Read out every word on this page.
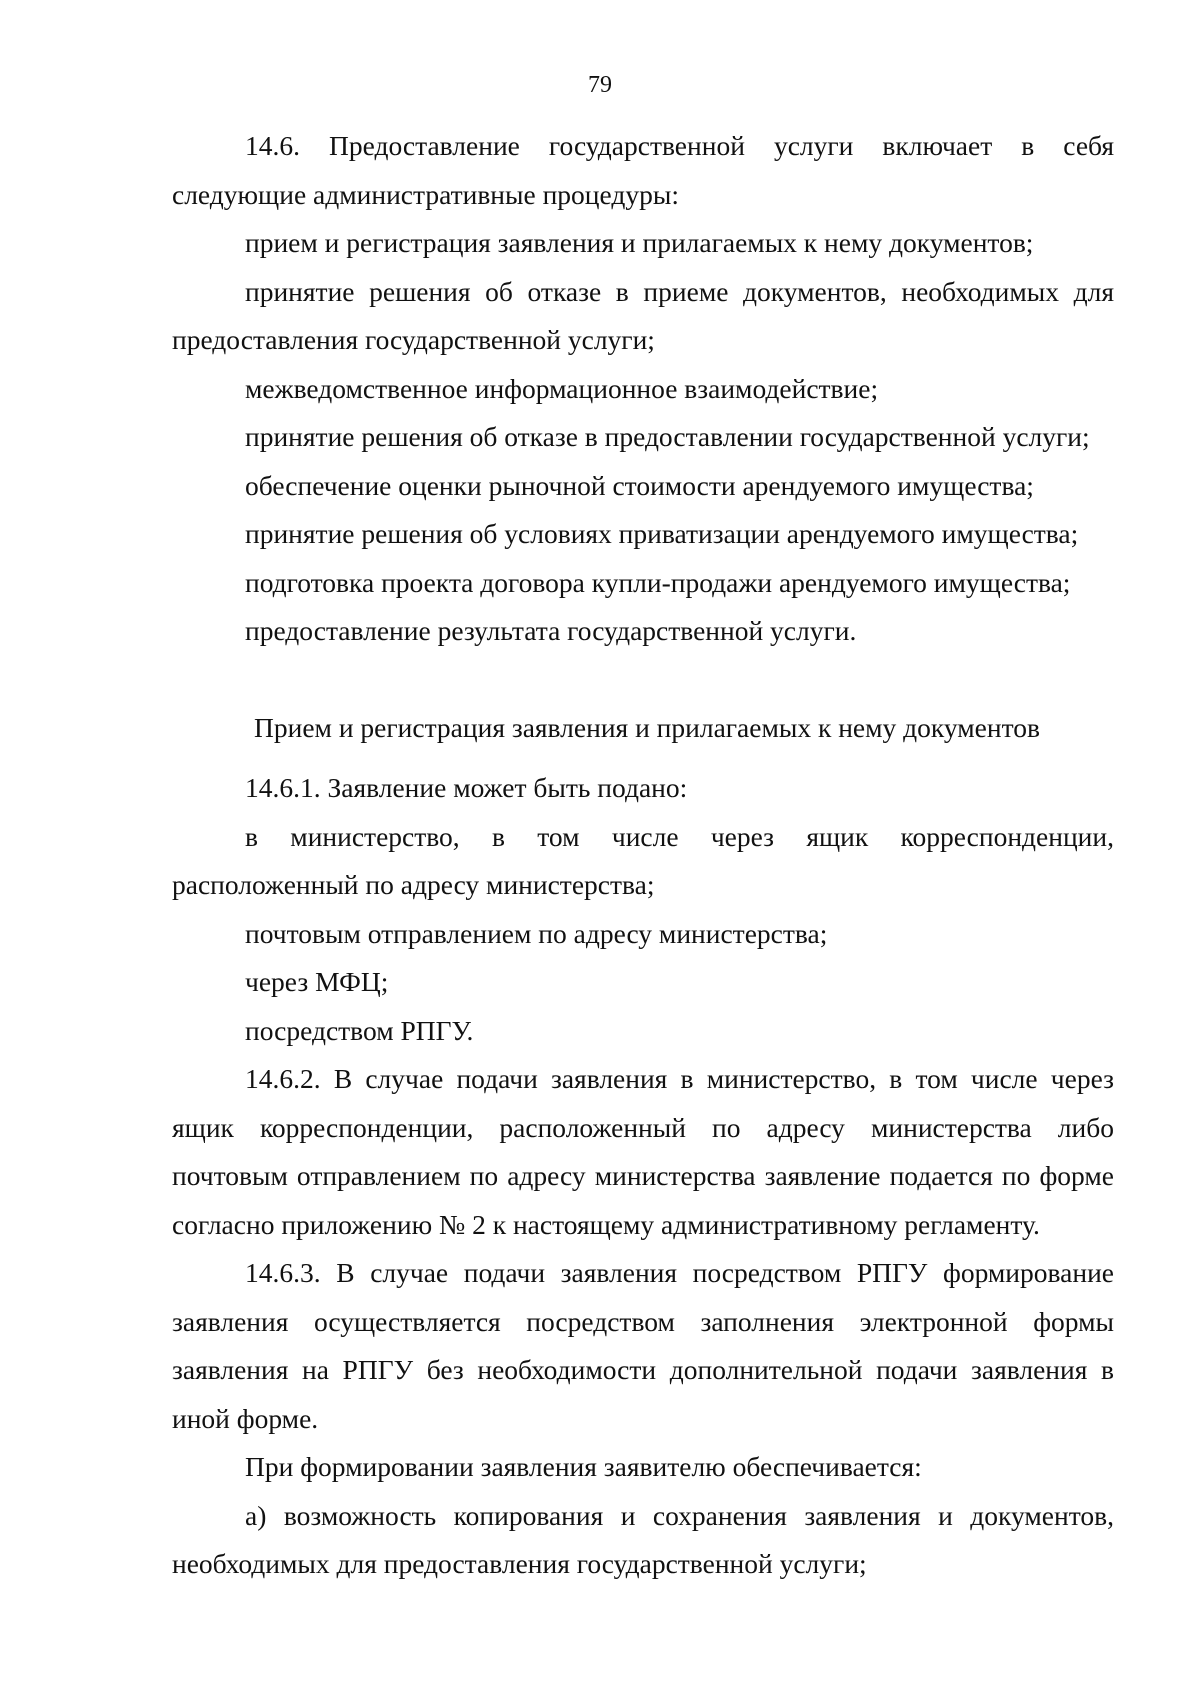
79

14.6. Предоставление государственной услуги включает в себя следующие административные процедуры:

прием и регистрация заявления и прилагаемых к нему документов;

принятие решения об отказе в приеме документов, необходимых для предоставления государственной услуги;

межведомственное информационное взаимодействие;

принятие решения об отказе в предоставлении государственной услуги;

обеспечение оценки рыночной стоимости арендуемого имущества;

принятие решения об условиях приватизации арендуемого имущества;

подготовка проекта договора купли-продажи арендуемого имущества;

предоставление результата государственной услуги.

Прием и регистрация заявления и прилагаемых к нему документов

14.6.1. Заявление может быть подано:

в министерство, в том числе через ящик корреспонденции, расположенный по адресу министерства;

почтовым отправлением по адресу министерства;

через МФЦ;

посредством РПГУ.

14.6.2. В случае подачи заявления в министерство, в том числе через ящик корреспонденции, расположенный по адресу министерства либо почтовым отправлением по адресу министерства заявление подается по форме согласно приложению № 2 к настоящему административному регламенту.

14.6.3. В случае подачи заявления посредством РПГУ формирование заявления осуществляется посредством заполнения электронной формы заявления на РПГУ без необходимости дополнительной подачи заявления в иной форме.

При формировании заявления заявителю обеспечивается:

а) возможность копирования и сохранения заявления и документов, необходимых для предоставления государственной услуги;
